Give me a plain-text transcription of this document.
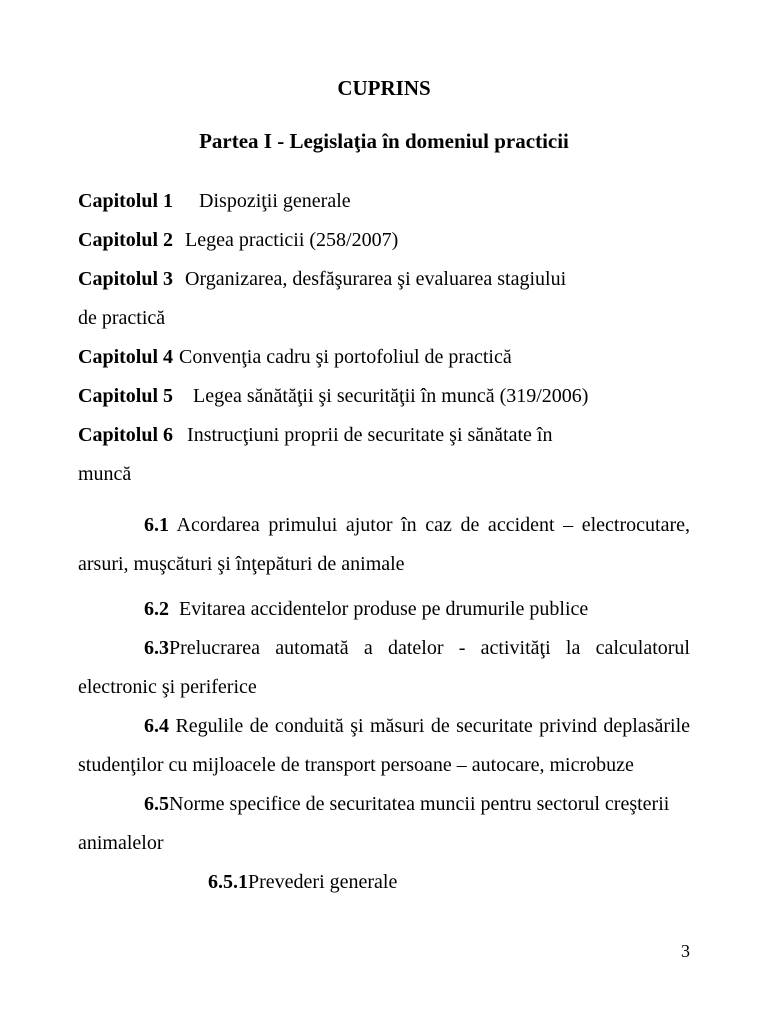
CUPRINS
Partea I - Legislaţia în domeniul practicii
Capitolul 1 Dispoziţii generale
Capitolul 2 Legea practicii (258/2007)
Capitolul 3 Organizarea, desfăşurarea şi evaluarea stagiului
de practică
Capitolul 4 Convenţia cadru şi portofoliul de practică
Capitolul 5 Legea sănătăţii şi securităţii în muncă (319/2006)
Capitolul 6 Instrucţiuni proprii de securitate şi sănătate în
muncă
6.1 Acordarea primului ajutor în caz de accident – electrocutare, arsuri, muşcături şi înţepături de animale
6.2 Evitarea accidentelor produse pe drumurile publice
6.3Prelucrarea automată a datelor - activităţi la calculatorul electronic şi periferice
6.4 Regulile de conduită şi măsuri de securitate privind deplasările studenţilor cu mijloacele de transport persoane – autocare, microbuze
6.5Norme specifice de securitatea muncii pentru sectorul creşterii animalelor
6.5.1Prevederi generale
3
